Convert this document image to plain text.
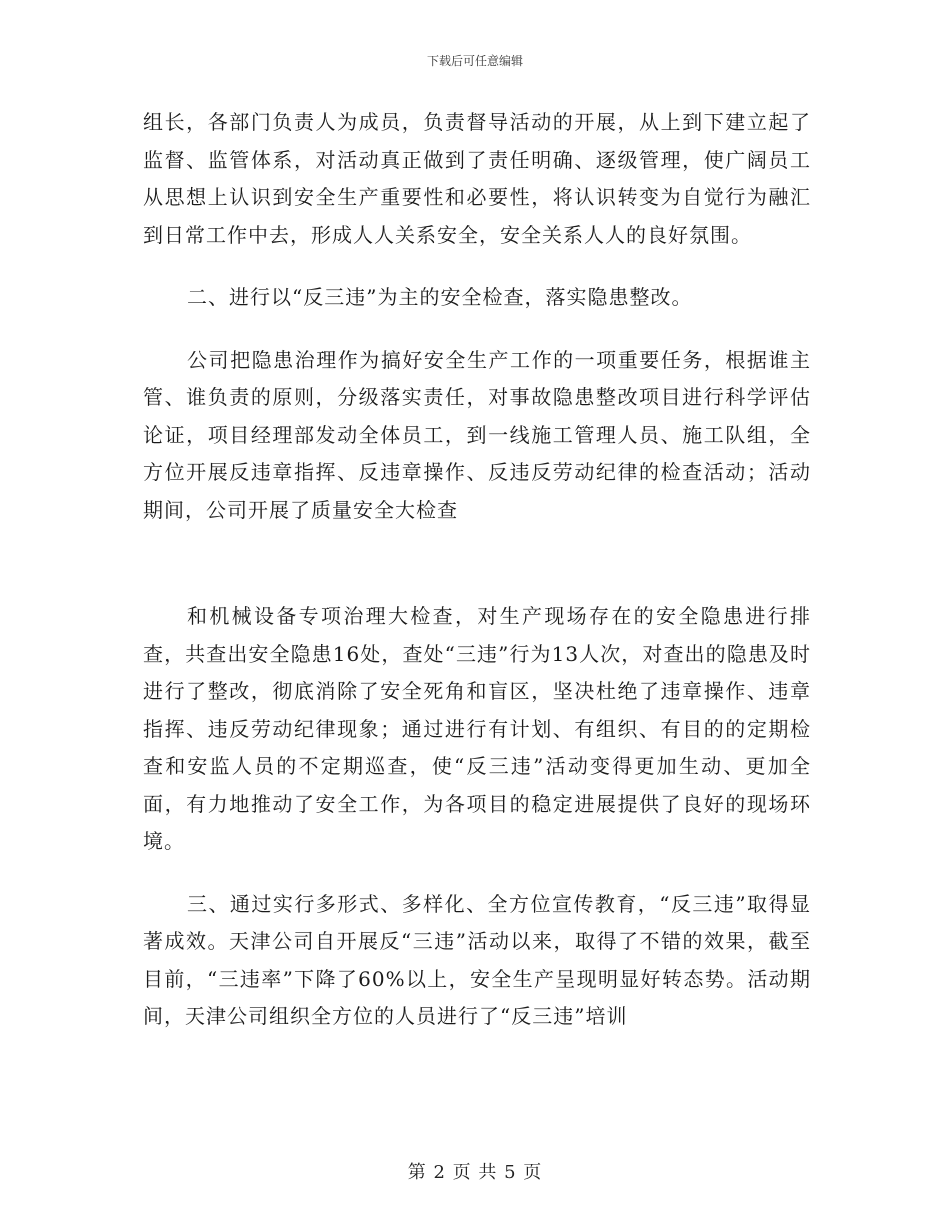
下载后可任意编辑

组长，各部门负责人为成员，负责督导活动的开展，从上到下建立起了监督、监管体系，对活动真正做到了责任明确、逐级管理，使广阔员工从思想上认识到安全生产重要性和必要性，将认识转变为自觉行为融汇到日常工作中去，形成人人关系安全，安全关系人人的良好氛围。

二、进行以“反三违”为主的安全检查，落实隐患整改。

公司把隐患治理作为搞好安全生产工作的一项重要任务，根据谁主管、谁负责的原则，分级落实责任，对事故隐患整改项目进行科学评估论证，项目经理部发动全体员工，到一线施工管理人员、施工队组，全方位开展反违章指挥、反违章操作、反违反劳动纪律的检查活动；活动期间，公司开展了质量安全大检查

和机械设备专项治理大检查，对生产现场存在的安全隐患进行排查，共查出安全隐患16处，查处“三违”行为13人次，对查出的隐患及时进行了整改，彻底消除了安全死角和盲区，坚决杜绝了违章操作、违章指挥、违反劳动纪律现象；通过进行有计划、有组织、有目的的定期检查和安监人员的不定期巡查，使“反三违”活动变得更加生动、更加全面，有力地推动了安全工作，为各项目的稳定进展提供了良好的现场环境。

三、通过实行多形式、多样化、全方位宣传教育，“反三违”取得显著成效。天津公司自开展反“三违”活动以来，取得了不错的效果，截至目前，“三违率”下降了60%以上，安全生产呈现明显好转态势。活动期间，天津公司组织全方位的人员进行了“反三违”培训

第 2 页 共 5 页
